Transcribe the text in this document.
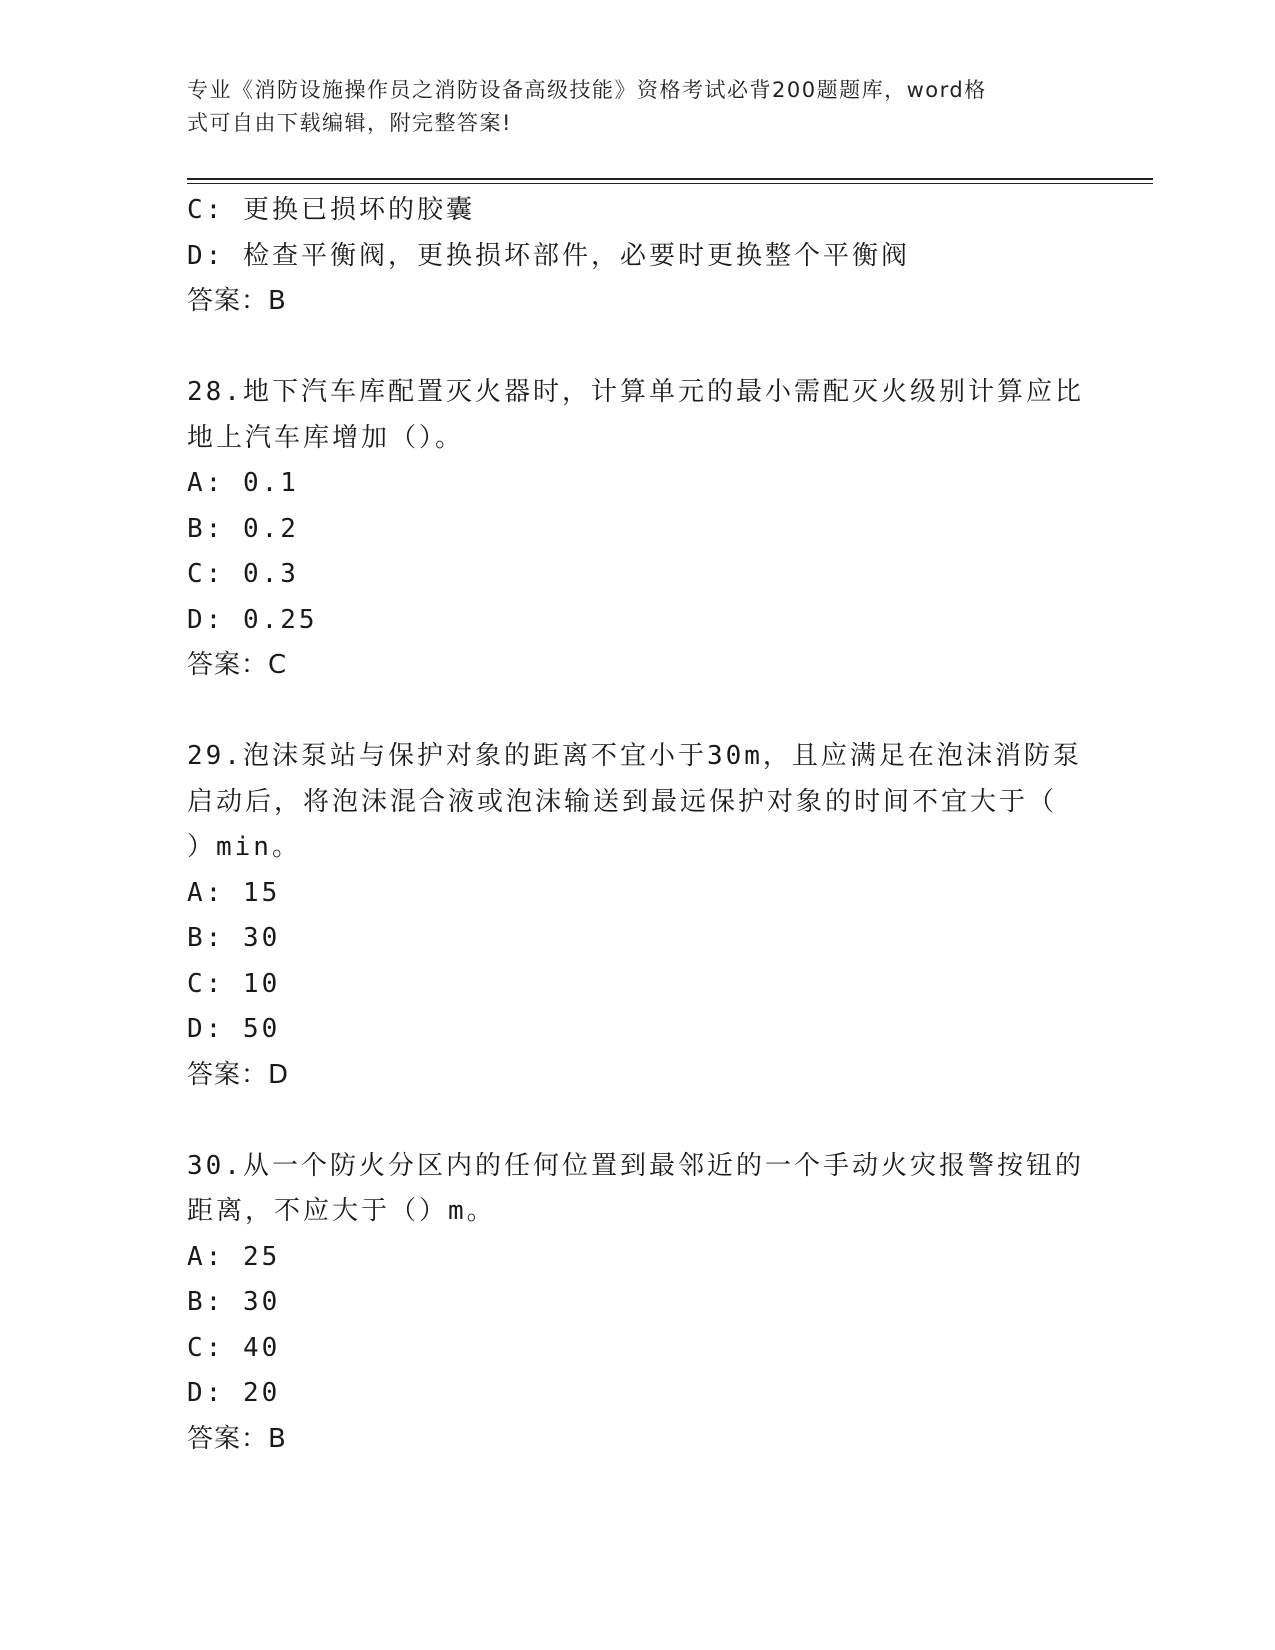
专业《消防设施操作员之消防设备高级技能》资格考试必背200题题库，word格
式可自由下载编辑，附完整答案!
C: 更换已损坏的胶囊
D: 检查平衡阀，更换损坏部件，必要时更换整个平衡阀
答案：B
28.地下汽车库配置灭火器时，计算单元的最小需配灭火级别计算应比
地上汽车库增加（）。
A: 0.1
B: 0.2
C: 0.3
D: 0.25
答案：C
29.泡沫泵站与保护对象的距离不宜小于30m，且应满足在泡沫消防泵
启动后，将泡沫混合液或泡沫输送到最远保护对象的时间不宜大于（
）min。
A: 15
B: 30
C: 10
D: 50
答案：D
30.从一个防火分区内的任何位置到最邻近的一个手动火灾报警按钮的
距离，不应大于（）m。
A: 25
B: 30
C: 40
D: 20
答案：B
